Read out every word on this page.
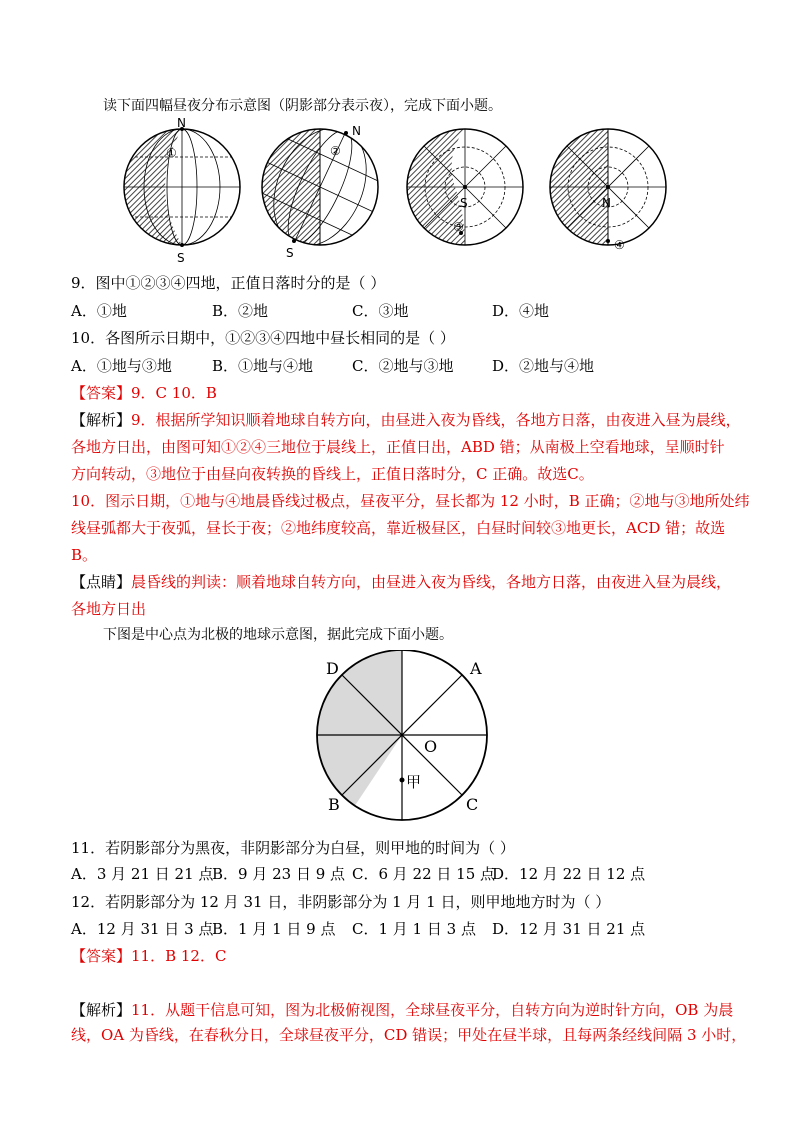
读下面四幅昼夜分布示意图（阴影部分表示夜），完成下面小题。
N
S
①
N
S
②
S
③
N
④
9．图中①②③④四地，正值日落时分的是（ ）
A．①地	B．②地	C．③地	D．④地
10．各图所示日期中，①②③④四地中昼长相同的是（ ）
A．①地与③地	B．①地与④地	C．②地与③地	D．②地与④地
【答案】9．C 10．B
【解析】9．根据所学知识顺着地球自转方向，由昼进入夜为昏线，各地方日落，由夜进入昼为晨线，
各地方日出，由图可知①②④三地位于晨线上，正值日出，ABD 错；从南极上空看地球，呈顺时针
方向转动，③地位于由昼向夜转换的昏线上，正值日落时分，C 正确。故选C。
10．图示日期，①地与④地晨昏线过极点，昼夜平分，昼长都为 12 小时，B 正确；②地与③地所处纬
线昼弧都大于夜弧，昼长于夜；②地纬度较高，靠近极昼区，白昼时间较③地更长，ACD 错；故选
B。
【点睛】晨昏线的判读：顺着地球自转方向，由昼进入夜为昏线，各地方日落，由夜进入昼为晨线，
各地方日出
下图是中心点为北极的地球示意图，据此完成下面小题。
D	A
B	C
O
甲
11．若阴影部分为黑夜，非阴影部分为白昼，则甲地的时间为（ ）
A．3 月 21 日 21 点
B．9 月 23 日 9 点 C．6 月 22 日 15 点
D．12 月 22 日 12 点
12．若阴影部分为 12 月 31 日，非阴影部分为 1 月 1 日，则甲地地方时为（ ）
A．12 月 31 日 3 点
B．1 月 1 日 9 点 C．1 月 1 日 3 点 D．12 月 31 日 21 点
【答案】11．B 12．C
【解析】11．从题干信息可知，图为北极俯视图，全球昼夜平分，自转方向为逆时针方向，OB 为晨
线，OA 为昏线，在春秋分日，全球昼夜平分，CD 错误；甲处在昼半球，且每两条经线间隔 3 小时，
